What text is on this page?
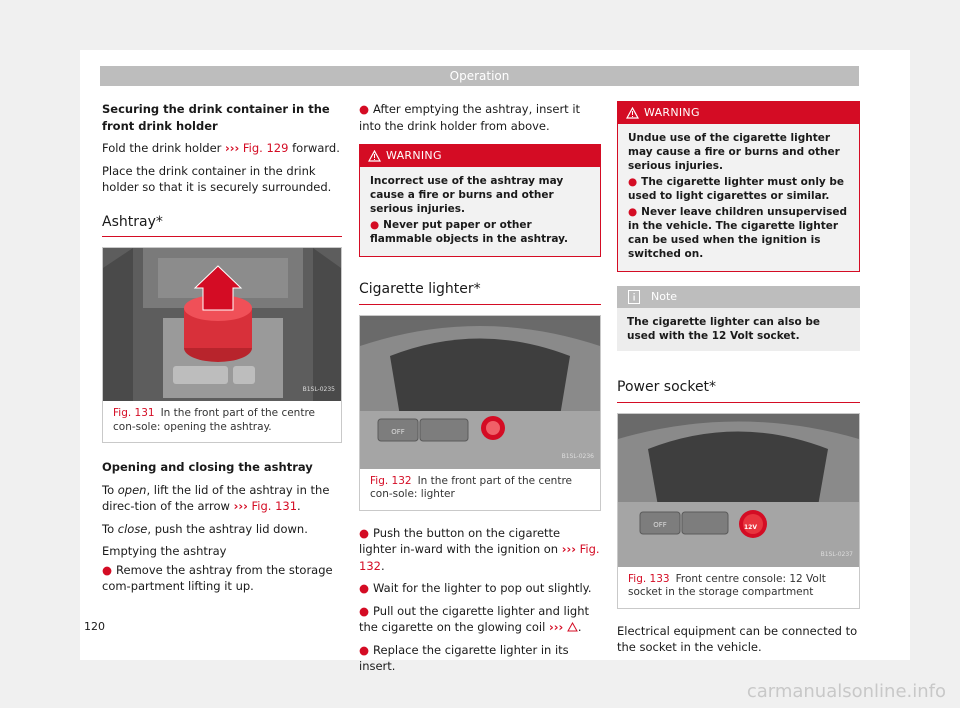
Operation

Securing the drink container in the front drink holder

Fold the drink holder ››› Fig. 129 forward.

Place the drink container in the drink holder so that it is securely surrounded.

Ashtray*
B1SL-0235
Fig. 131 In the front part of the centre con-sole: opening the ashtray.

Opening and closing the ashtray

To open, lift the lid of the ashtray in the direc-tion of the arrow ››› Fig. 131.

To close, push the ashtray lid down.

Emptying the ashtray

● Remove the ashtray from the storage com-partment lifting it up.

● After emptying the ashtray, insert it into the drink holder from above.

WARNING
Incorrect use of the ashtray may cause a fire or burns and other serious injuries.
● Never put paper or other flammable objects in the ashtray.
Cigarette lighter*
OFF
B1SL-0236
Fig. 132 In the front part of the centre con-sole: lighter

● Push the button on the cigarette lighter in-ward with the ignition on ››› Fig. 132.

● Wait for the lighter to pop out slightly.

● Pull out the cigarette lighter and light the cigarette on the glowing coil ››› .

● Replace the cigarette lighter in its insert.

WARNING
Undue use of the cigarette lighter may cause a fire or burns and other serious injuries.
● The cigarette lighter must only be used to light cigarettes or similar.
● Never leave children unsupervised in the vehicle. The cigarette lighter can be used when the ignition is switched on.
Note
The cigarette lighter can also be used with the 12 Volt socket.
Power socket*
OFF	12V
B1SL-0237
Fig. 133 Front centre console: 12 Volt socket in the storage compartment

Electrical equipment can be connected to the socket in the vehicle.

120
carmanualsonline.info
